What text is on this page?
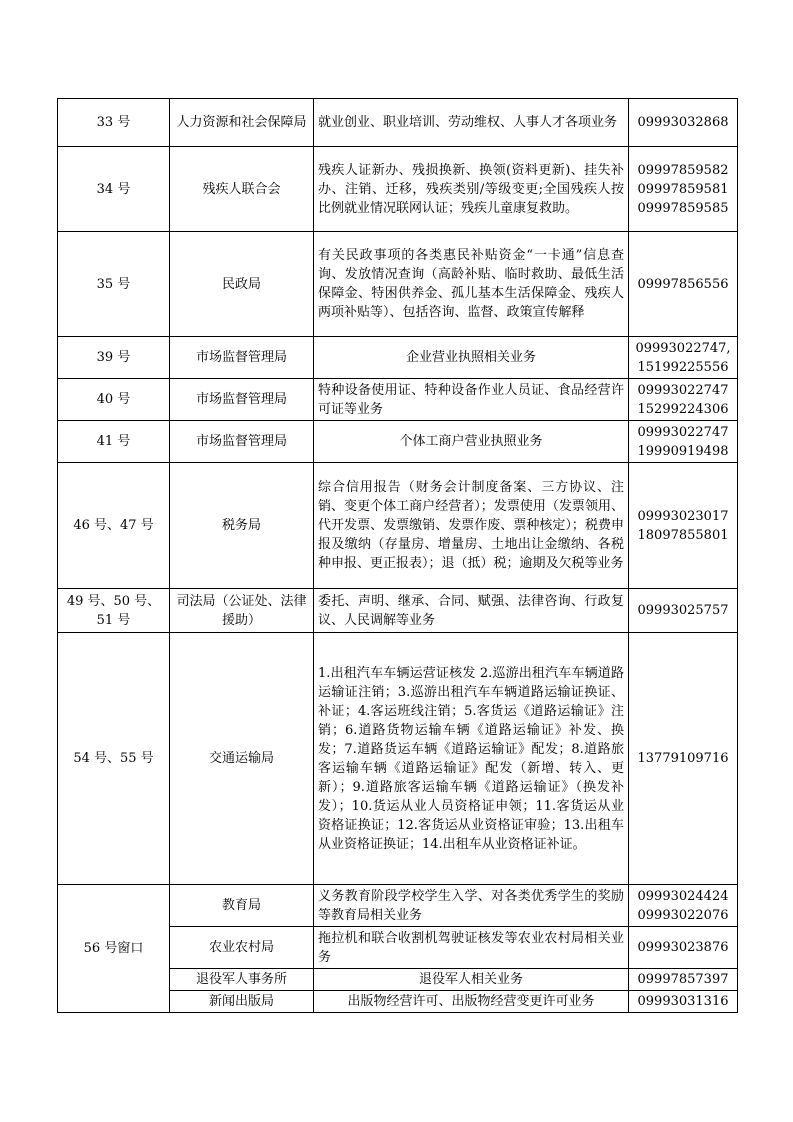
33 号	人力资源和社会保障局	就业创业、职业培训、劳动维权、人事人才各项业务	09993032868

34 号	残疾人联合会	残疾人证新办、残损换新、换领(资料更新)、挂失补办、注销、迁移，残疾类别/等级变更;全国残疾人按比例就业情况联网认证；残疾儿童康复救助。	09997859582
09997859581
09997859585

35 号	民政局	有关民政事项的各类惠民补贴资金“一卡通”信息查询、发放情况查询（高龄补贴、临时救助、最低生活保障金、特困供养金、孤儿基本生活保障金、残疾人两项补贴等）、包括咨询、监督、政策宣传解释	09997856556

39 号	市场监督管理局	企业营业执照相关业务	09993022747,
15199225556

40 号	市场监督管理局	特种设备使用证、特种设备作业人员证、食品经营许可证等业务	09993022747
15299224306

41 号	市场监督管理局	个体工商户营业执照业务	09993022747
19990919498

46 号、47 号	税务局	综合信用报告（财务会计制度备案、三方协议、注销、变更个体工商户经营者）；发票使用（发票领用、代开发票、发票缴销、发票作废、票种核定）；税费申报及缴纳（存量房、增量房、土地出让金缴纳、各税种申报、更正报表）；退（抵）税；逾期及欠税等业务	09993023017
18097855801

49 号、50 号、51 号	司法局（公证处、法律援助）	委托、声明、继承、合同、赋强、法律咨询、行政复议、人民调解等业务	09993025757

54 号、55 号	交通运输局	1.出租汽车车辆运营证核发 2.巡游出租汽车车辆道路运输证注销；3.巡游出租汽车车辆道路运输证换证、补证；4.客运班线注销；5.客货运《道路运输证》注销；6.道路货物运输车辆《道路运输证》补发、换发；7.道路货运车辆《道路运输证》配发；8.道路旅客运输车辆《道路运输证》配发（新增、转入、更新）；9.道路旅客运输车辆《道路运输证》（换发补发）；10.货运从业人员资格证申领；11.客货运从业资格证换证；12.客货运从业资格证审验；13.出租车从业资格证换证；14.出租车从业资格证补证。	13779109716

56 号窗口	教育局	义务教育阶段学校学生入学、对各类优秀学生的奖励等教育局相关业务	09993024424
09993022076

	农业农村局	拖拉机和联合收割机驾驶证核发等农业农村局相关业务	09993023876

	退役军人事务所	退役军人相关业务	09997857397

	新闻出版局	出版物经营许可、出版物经营变更许可业务	09993031316
